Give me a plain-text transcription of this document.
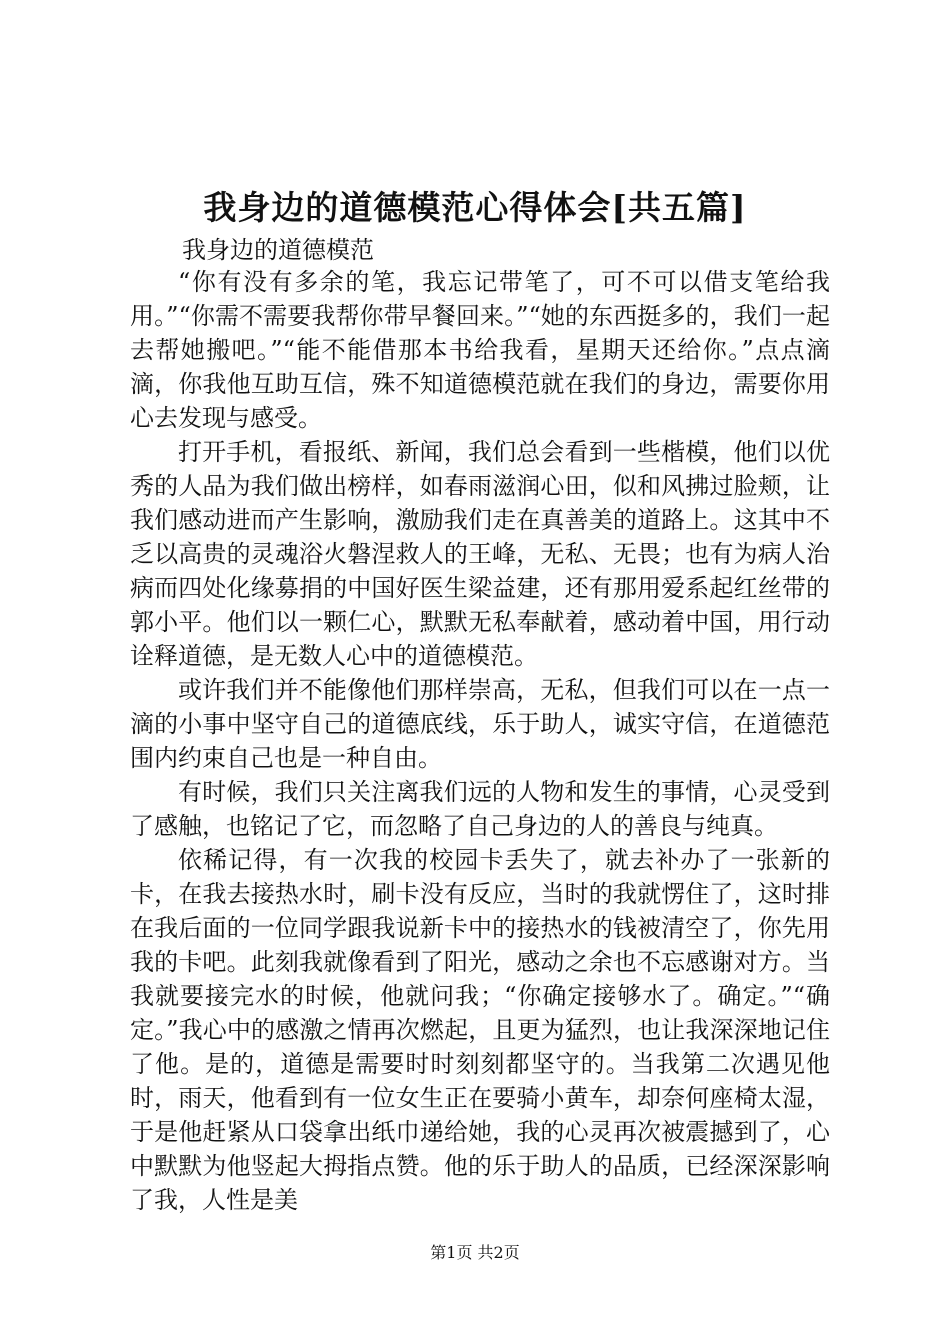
我身边的道德模范心得体会[共五篇]
我身边的道德模范

“你有没有多余的笔，我忘记带笔了，可不可以借支笔给我用。”“你需不需要我帮你带早餐回来。”“她的东西挺多的，我们一起去帮她搬吧。”“能不能借那本书给我看，星期天还给你。”点点滴滴，你我他互助互信，殊不知道德模范就在我们的身边，需要你用心去发现与感受。

打开手机，看报纸、新闻，我们总会看到一些楷模，他们以优秀的人品为我们做出榜样，如春雨滋润心田，似和风拂过脸颊，让我们感动进而产生影响，激励我们走在真善美的道路上。这其中不乏以高贵的灵魂浴火磐涅救人的王峰，无私、无畏；也有为病人治病而四处化缘募捐的中国好医生梁益建，还有那用爱系起红丝带的郭小平。他们以一颗仁心，默默无私奉献着，感动着中国，用行动诠释道德，是无数人心中的道德模范。

或许我们并不能像他们那样崇高，无私，但我们可以在一点一滴的小事中坚守自己的道德底线，乐于助人，诚实守信，在道德范围内约束自己也是一种自由。

有时候，我们只关注离我们远的人物和发生的事情，心灵受到了感触，也铭记了它，而忽略了自己身边的人的善良与纯真。

依稀记得，有一次我的校园卡丢失了，就去补办了一张新的卡，在我去接热水时，刷卡没有反应，当时的我就愣住了，这时排在我后面的一位同学跟我说新卡中的接热水的钱被清空了，你先用我的卡吧。此刻我就像看到了阳光，感动之余也不忘感谢对方。当我就要接完水的时候，他就问我；“你确定接够水了。确定。”“确定。”我心中的感激之情再次燃起，且更为猛烈，也让我深深地记住了他。是的，道德是需要时时刻刻都坚守的。当我第二次遇见他时，雨天，他看到有一位女生正在要骑小黄车，却奈何座椅太湿，于是他赶紧从口袋拿出纸巾递给她，我的心灵再次被震撼到了，心中默默为他竖起大拇指点赞。他的乐于助人的品质，已经深深影响了我，人性是美

第1页 共2页
